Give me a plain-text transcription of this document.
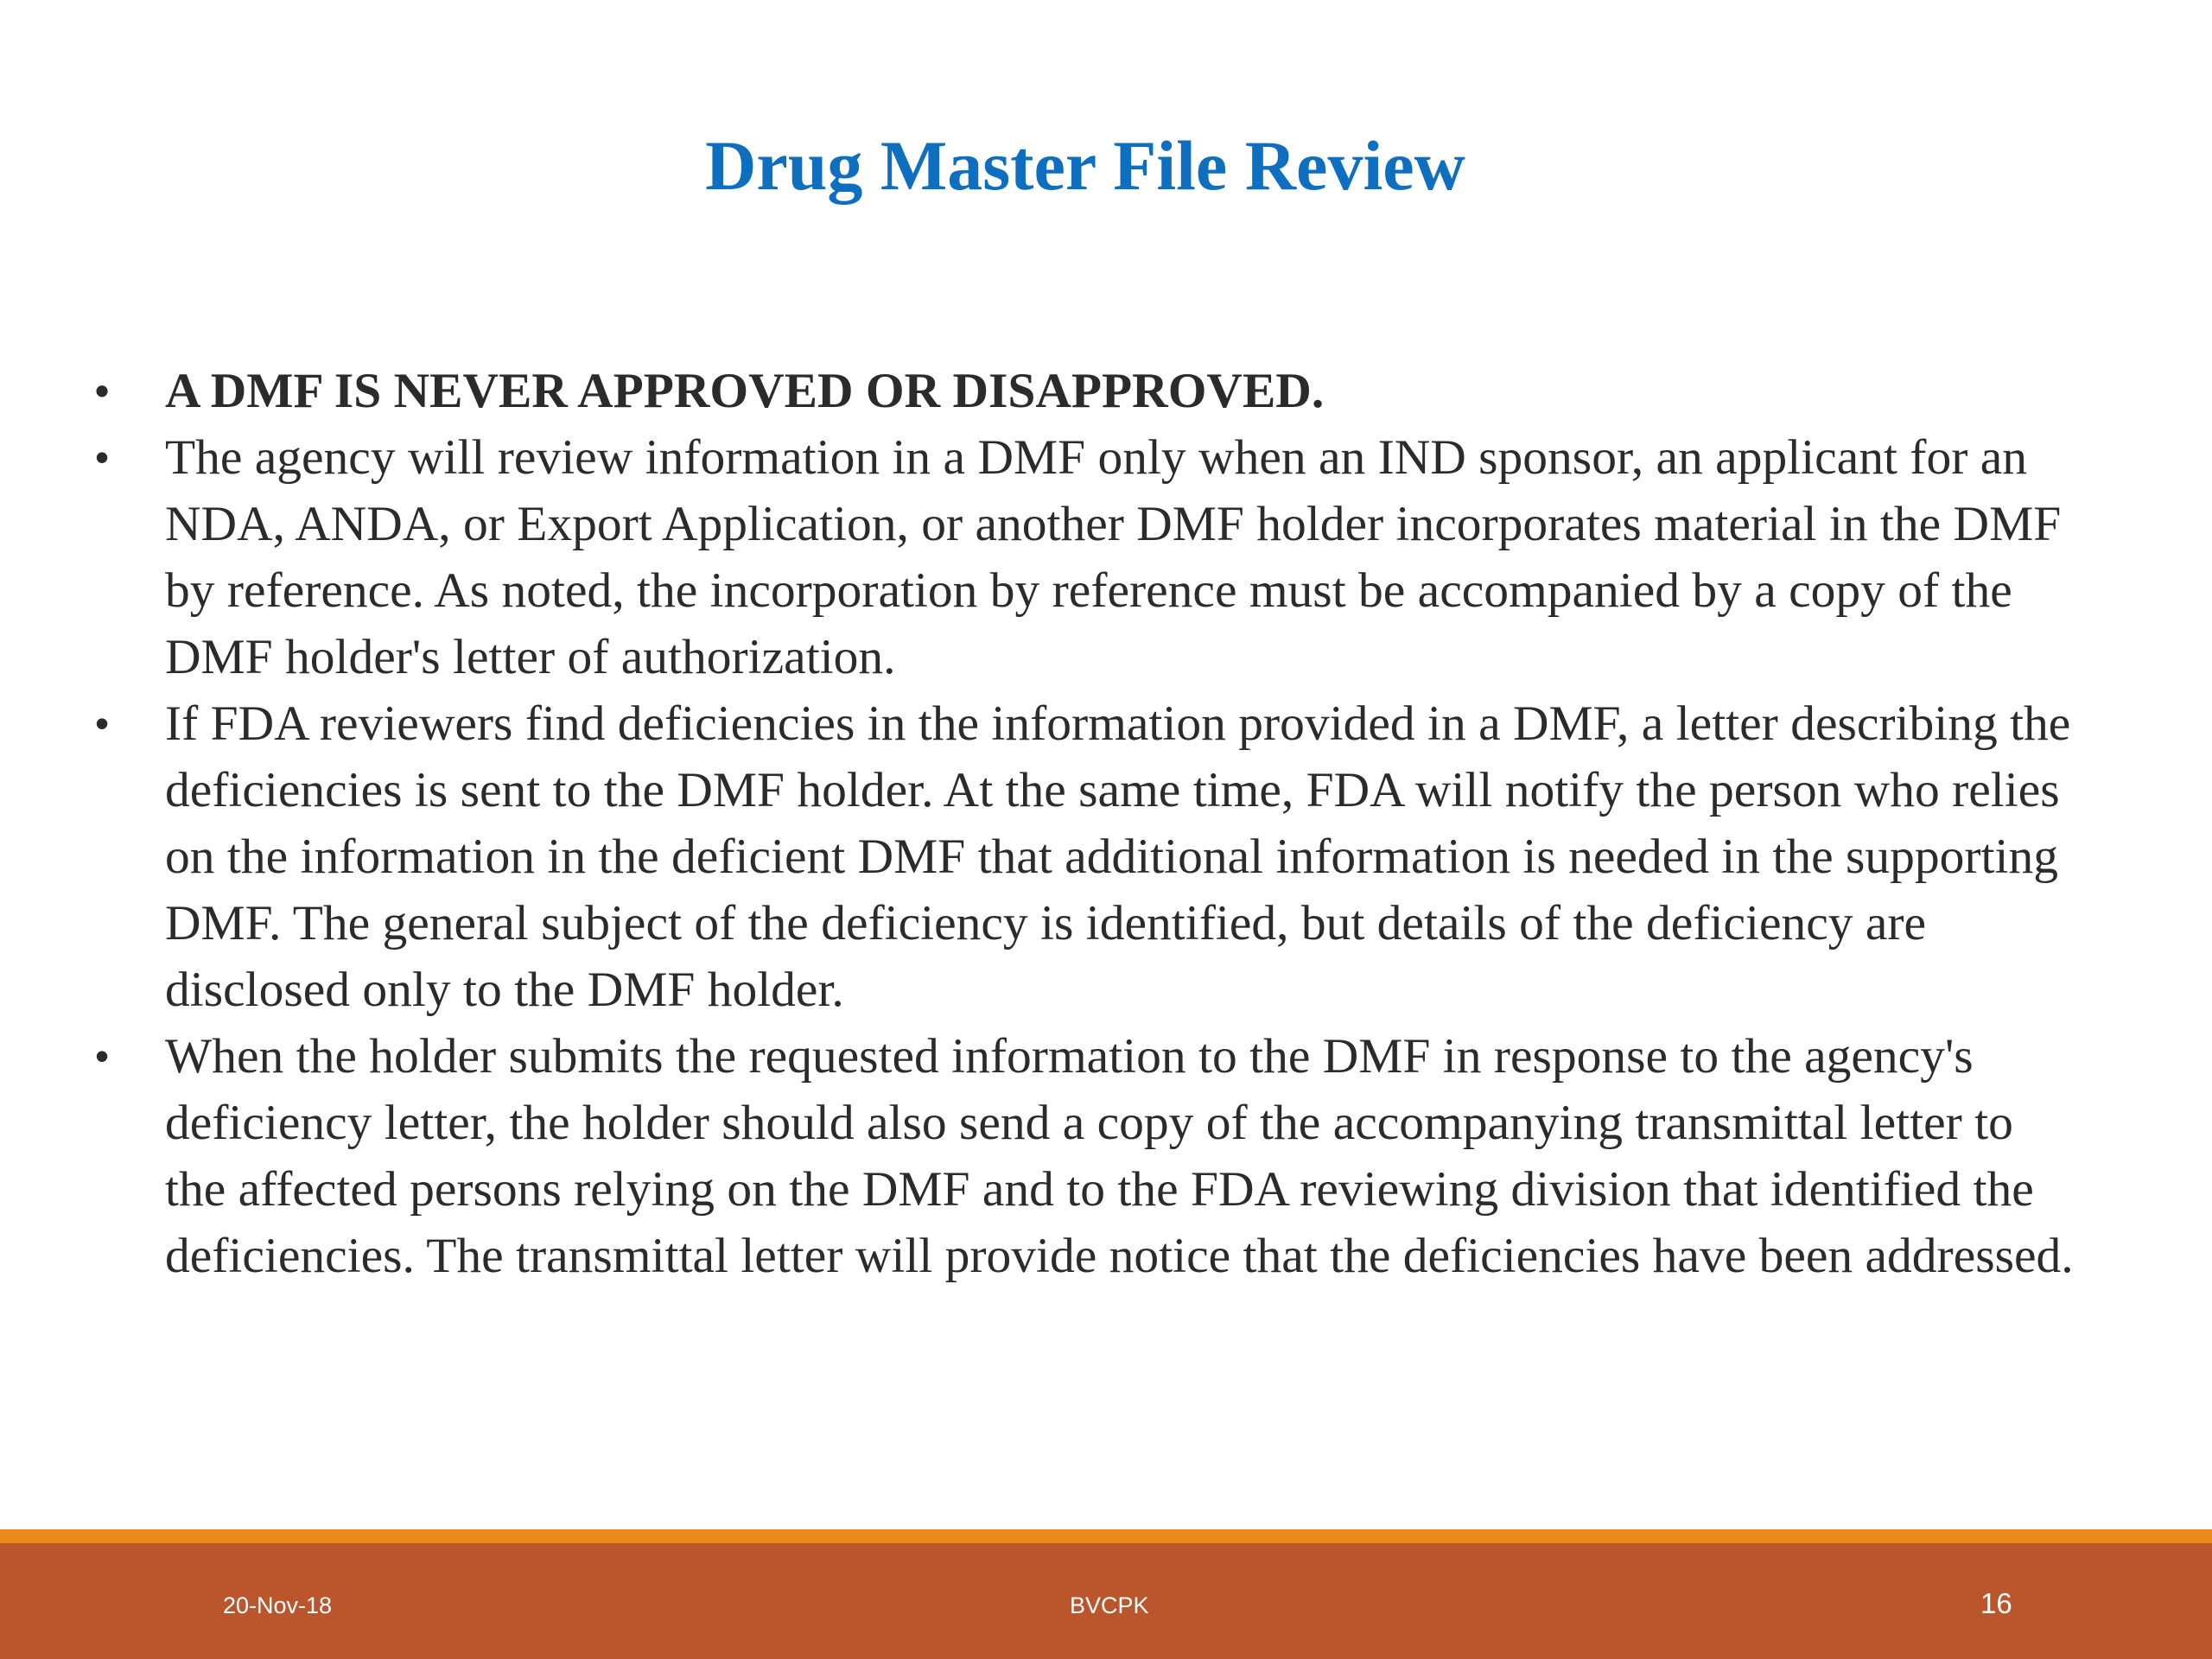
Drug Master File Review
•	A DMF IS NEVER APPROVED OR DISAPPROVED.
•	The agency will review information in a DMF only when an IND sponsor, an applicant for an NDA, ANDA, or Export Application, or another DMF holder incorporates material in the DMF by reference. As noted, the incorporation by reference must be accompanied by a copy of the DMF holder's letter of authorization.
•	If FDA reviewers find deficiencies in the information provided in a DMF, a letter describing the deficiencies is sent to the DMF holder. At the same time, FDA will notify the person who relies on the information in the deficient DMF that additional information is needed in the supporting DMF. The general subject of the deficiency is identified, but details of the deficiency are disclosed only to the DMF holder.
•	When the holder submits the requested information to the DMF in response to the agency's deficiency letter, the holder should also send a copy of the accompanying transmittal letter to the affected persons relying on the DMF and to the FDA reviewing division that identified the deficiencies. The transmittal letter will provide notice that the deficiencies have been addressed.
20-Nov-18	BVCPK	16
